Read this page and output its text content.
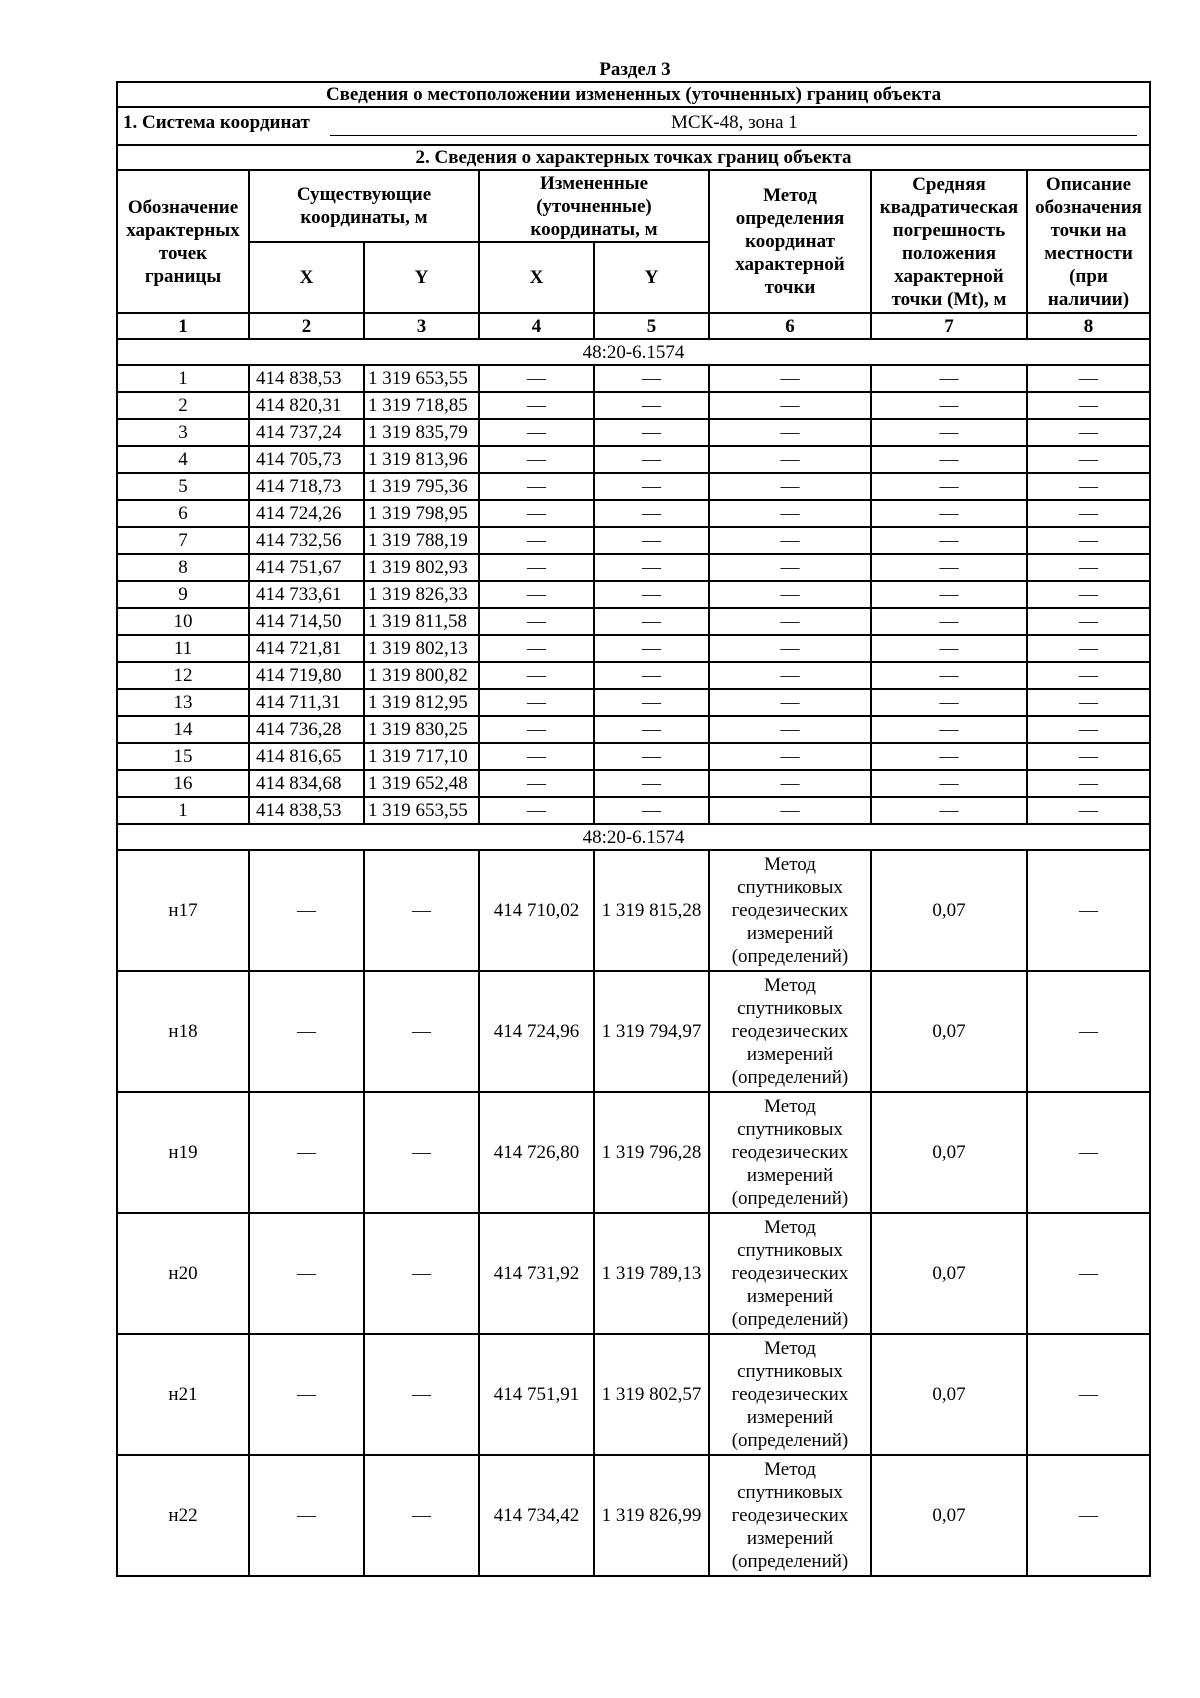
Раздел 3
Сведения о местоположении измененных (уточненных) границ объекта							

1. Система координат МСК-48, зона 1							

2. Сведения о характерных точках границ объекта							
Обозначение характерных точек границы	Существующие координаты, м		Измененные (уточненные) координаты, м		Метод определения координат характерной точки	Средняя квадратическая погрешность положения характерной точки (Mt), м	Описание обозначения точки на местности (при наличии)
	X	Y	X	Y			
1	2	3	4	5	6	7	8
48:20-6.1574							
1	414 838,53	1 319 653,55	—	—	—	—	—
2	414 820,31	1 319 718,85	—	—	—	—	—
3	414 737,24	1 319 835,79	—	—	—	—	—
4	414 705,73	1 319 813,96	—	—	—	—	—
5	414 718,73	1 319 795,36	—	—	—	—	—
6	414 724,26	1 319 798,95	—	—	—	—	—
7	414 732,56	1 319 788,19	—	—	—	—	—
8	414 751,67	1 319 802,93	—	—	—	—	—
9	414 733,61	1 319 826,33	—	—	—	—	—
10	414 714,50	1 319 811,58	—	—	—	—	—
11	414 721,81	1 319 802,13	—	—	—	—	—
12	414 719,80	1 319 800,82	—	—	—	—	—
13	414 711,31	1 319 812,95	—	—	—	—	—
14	414 736,28	1 319 830,25	—	—	—	—	—
15	414 816,65	1 319 717,10	—	—	—	—	—
16	414 834,68	1 319 652,48	—	—	—	—	—
1	414 838,53	1 319 653,55	—	—	—	—	—
48:20-6.1574							
н17	—	—	414 710,02	1 319 815,28	Метод спутниковых геодезических измерений (определений)	0,07	—
н18	—	—	414 724,96	1 319 794,97	Метод спутниковых геодезических измерений (определений)	0,07	—
н19	—	—	414 726,80	1 319 796,28	Метод спутниковых геодезических измерений (определений)	0,07	—
н20	—	—	414 731,92	1 319 789,13	Метод спутниковых геодезических измерений (определений)	0,07	—
н21	—	—	414 751,91	1 319 802,57	Метод спутниковых геодезических измерений (определений)	0,07	—
н22	—	—	414 734,42	1 319 826,99	Метод спутниковых геодезических измерений (определений)	0,07	—
